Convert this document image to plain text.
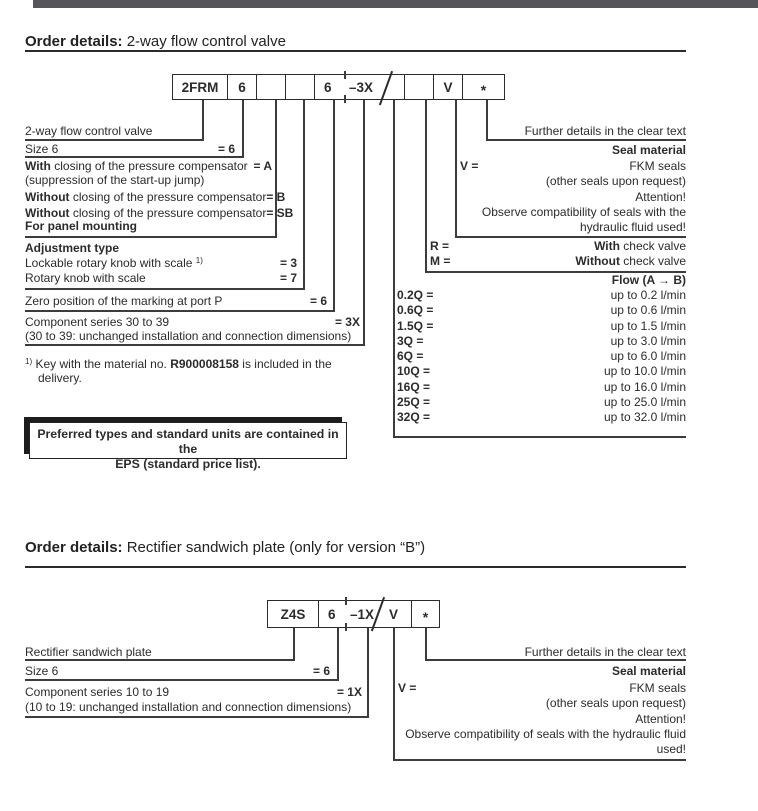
Order details: 2-way flow control valve
2FRM 6	6 –3X	V *
2-way flow control valve
Size 6	= 6
With closing of the pressure compensator = A
(suppression of the start-up jump)
Without closing of the pressure compensator = B
Without closing of the pressure compensator = SB
For panel mounting
Adjustment type
Lockable rotary knob with scale $^{1)}$	= 3
Rotary knob with scale	= 7
Zero position of the marking at port P	= 6
Component series 30 to 39	= 3X
(30 to 39: unchanged installation and connection dimensions)
$^{1)}$ Key with the material no. R900008158 is included in the
delivery.
Preferred types and standard units are contained in the
EPS (standard price list).
Further details in the clear text
Seal material
V =	FKM seals
(other seals upon request)
Attention!
Observe compatibility of seals with the
hydraulic fluid used!
R =	With check valve
M =	Without check valve
Flow (A → B)
0.2Q =	up to 0.2 l/min
0.6Q =	up to 0.6 l/min
1.5Q =	up to 1.5 l/min
3Q =	up to 3.0 l/min
6Q =	up to 6.0 l/min
10Q =	up to 10.0 l/min
16Q =	up to 16.0 l/min
25Q =	up to 25.0 l/min
32Q =	up to 32.0 l/min
Order details: Rectifier sandwich plate (only for version “B”)
Z4S 6 –1X V *
Rectifier sandwich plate
Size 6	= 6
Component series 10 to 19	= 1X
(10 to 19: unchanged installation and connection dimensions)
Further details in the clear text
Seal material
V =	FKM seals
(other seals upon request)
Attention!
Observe compatibility of seals with the hydraulic fluid
used!
